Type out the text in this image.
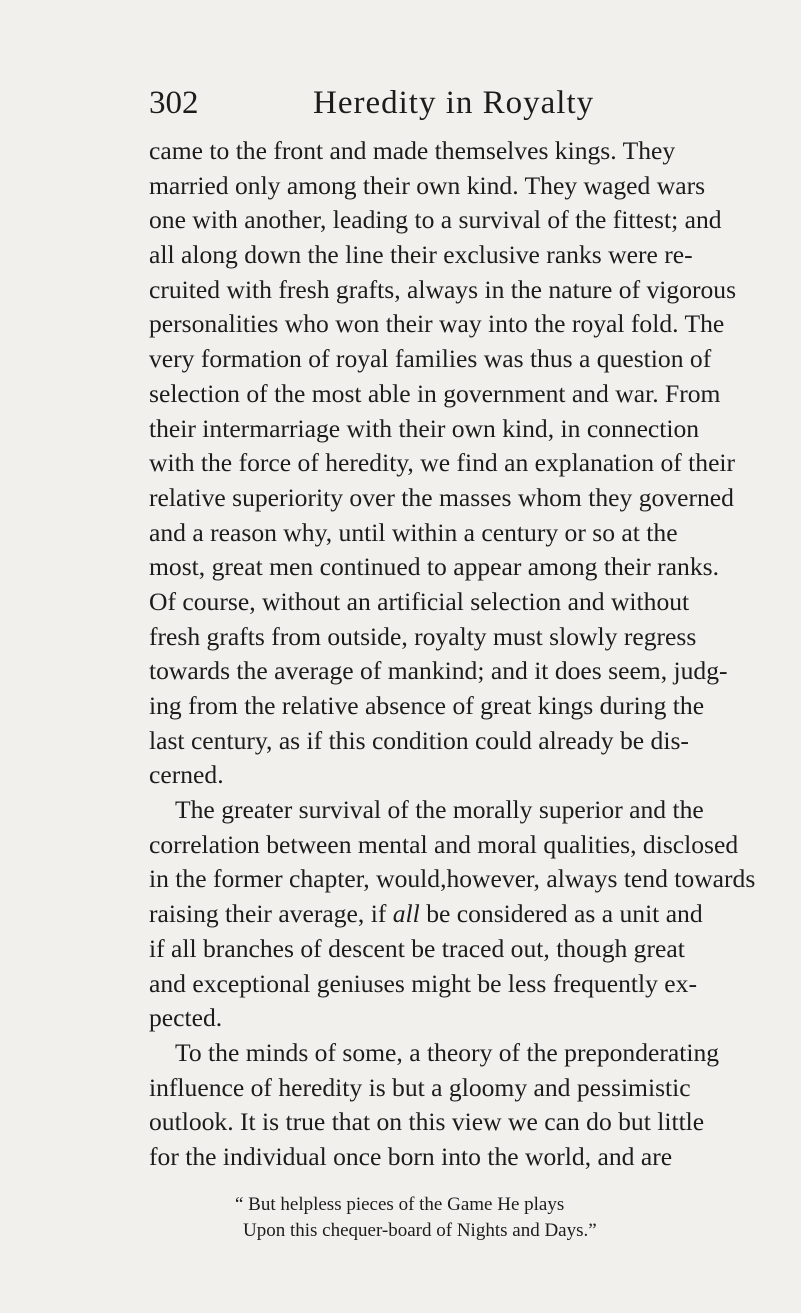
302	Heredity in Royalty
came to the front and made themselves kings. They
married only among their own kind. They waged wars
one with another, leading to a survival of the fittest; and
all along down the line their exclusive ranks were re-
cruited with fresh grafts, always in the nature of vigorous
personalities who won their way into the royal fold. The
very formation of royal families was thus a question of
selection of the most able in government and war. From
their intermarriage with their own kind, in connection
with the force of heredity, we find an explanation of their
relative superiority over the masses whom they governed
and a reason why, until within a century or so at the
most, great men continued to appear among their ranks.
Of course, without an artificial selection and without
fresh grafts from outside, royalty must slowly regress
towards the average of mankind; and it does seem, judg-
ing from the relative absence of great kings during the
last century, as if this condition could already be dis-
cerned.
The greater survival of the morally superior and the
correlation between mental and moral qualities, disclosed
in the former chapter, would,however, always tend towards
raising their average, if all be considered as a unit and
if all branches of descent be traced out, though great
and exceptional geniuses might be less frequently ex-
pected.
To the minds of some, a theory of the preponderating
influence of heredity is but a gloomy and pessimistic
outlook. It is true that on this view we can do but little
for the individual once born into the world, and are
“ But helpless pieces of the Game He plays
Upon this chequer-board of Nights and Days.”
